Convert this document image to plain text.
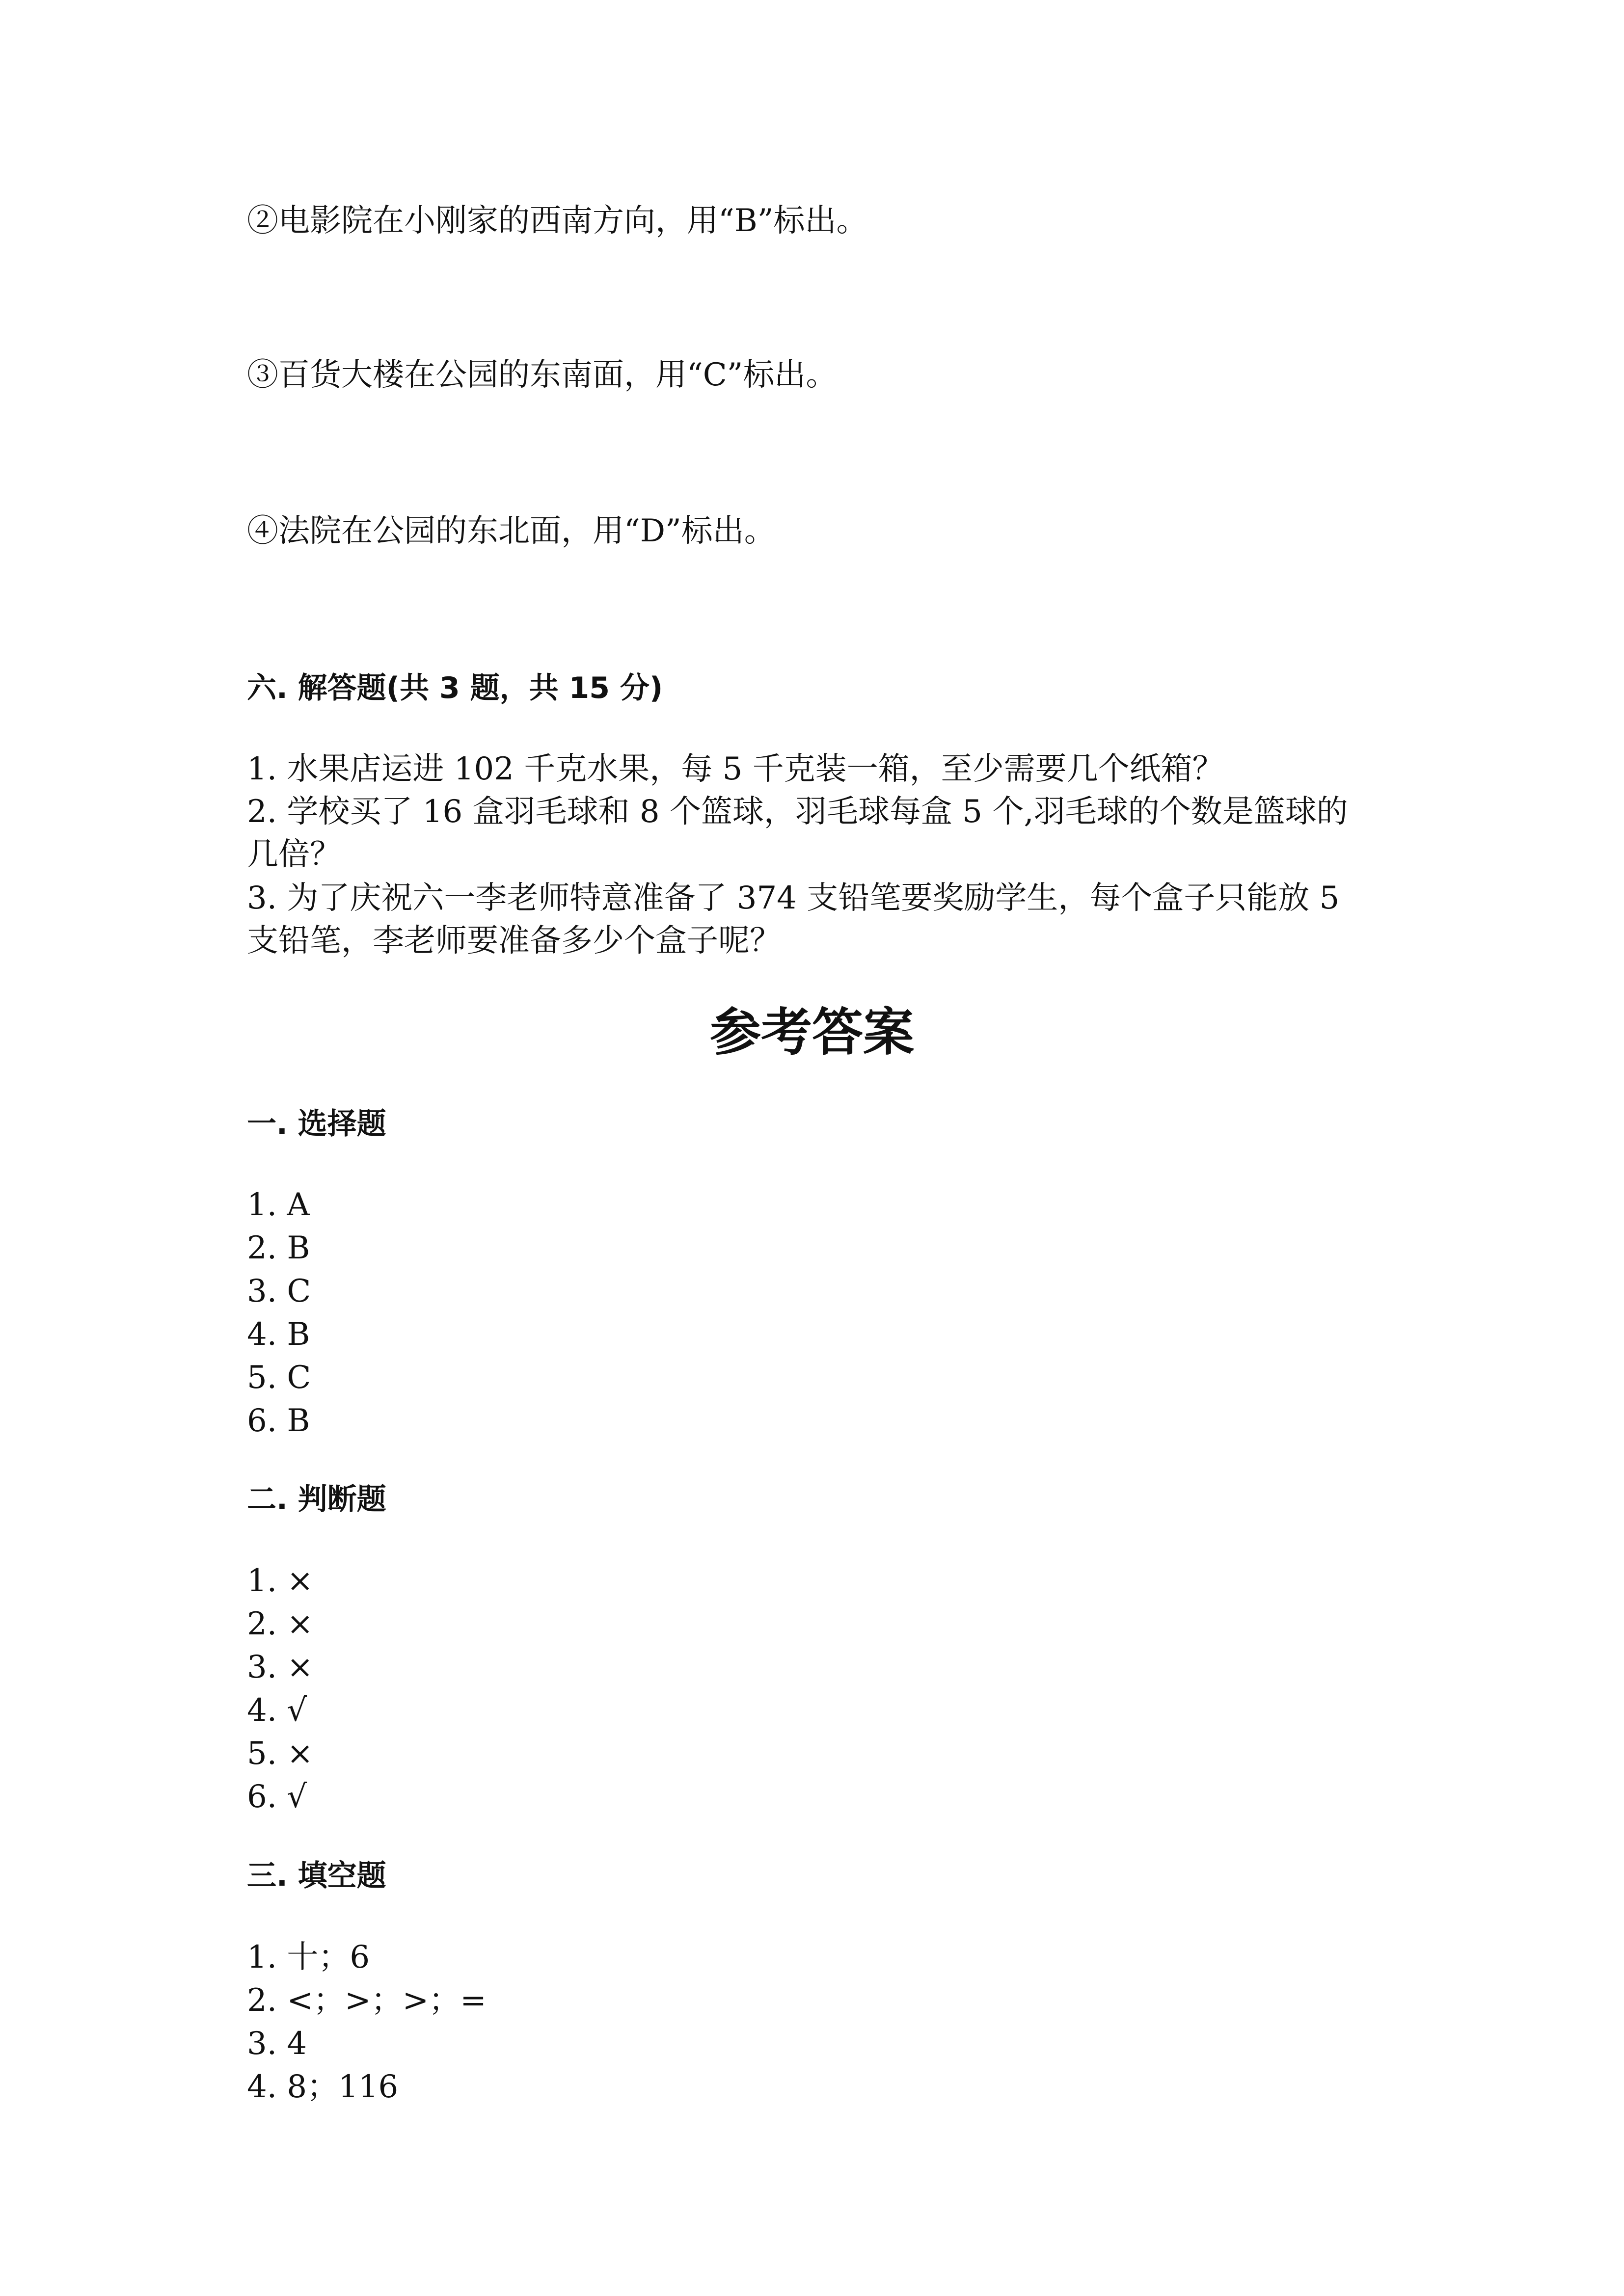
②电影院在小刚家的西南方向，用“B”标出。

③百货大楼在公园的东南面，用“C”标出。

④法院在公园的东北面，用“D”标出。

六. 解答题(共 3 题，共 15 分)

1. 水果店运进 102 千克水果，每 5 千克装一箱，至少需要几个纸箱？

2. 学校买了 16 盒羽毛球和 8 个篮球，羽毛球每盒 5 个,羽毛球的个数是篮球的

几倍？

3. 为了庆祝六一李老师特意准备了 374 支铅笔要奖励学生，每个盒子只能放 5

支铅笔，李老师要准备多少个盒子呢？

参考答案

一. 选择题

1. A

2. B

3. C

4. B

5. C

6. B

二. 判断题

1. ×

2. ×

3. ×

4. √

5. ×

6. √

三. 填空题

1. 十；6

2. <；>；>；=

3. 4

4. 8；116
